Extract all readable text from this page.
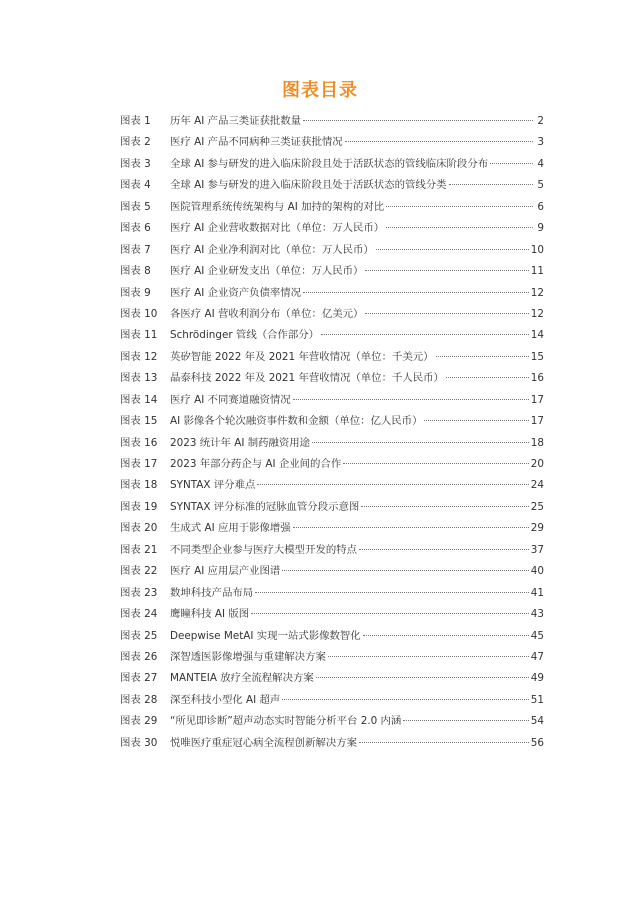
图表目录
图表 1	历年 AI 产品三类证获批数量	2
图表 2	医疗 AI 产品不同病种三类证获批情况	3
图表 3	全球 AI 参与研发的进入临床阶段且处于活跃状态的管线临床阶段分布	4
图表 4	全球 AI 参与研发的进入临床阶段且处于活跃状态的管线分类	5
图表 5	医院管理系统传统架构与 AI 加持的架构的对比	6
图表 6	医疗 AI 企业营收数据对比（单位：万人民币）	9
图表 7	医疗 AI 企业净利润对比（单位：万人民币）	10
图表 8	医疗 AI 企业研发支出（单位：万人民币）	11
图表 9	医疗 AI 企业资产负债率情况	12
图表 10	各医疗 AI 营收利润分布（单位：亿美元）	12
图表 11	Schrödinger 管线（合作部分）	14
图表 12	英矽智能 2022 年及 2021 年营收情况（单位：千美元）	15
图表 13	晶泰科技 2022 年及 2021 年营收情况（单位：千人民币）	16
图表 14	医疗 AI 不同赛道融资情况	17
图表 15	AI 影像各个轮次融资事件数和金额（单位：亿人民币）	17
图表 16	2023 统计年 AI 制药融资用途	18
图表 17	2023 年部分药企与 AI 企业间的合作	20
图表 18	SYNTAX 评分难点	24
图表 19	SYNTAX 评分标准的冠脉血管分段示意图	25
图表 20	生成式 AI 应用于影像增强	29
图表 21	不同类型企业参与医疗大模型开发的特点	37
图表 22	医疗 AI 应用层产业图谱	40
图表 23	数坤科技产品布局	41
图表 24	鹰瞳科技 AI 版图	43
图表 25	Deepwise MetAI 实现一站式影像数智化	45
图表 26	深智透医影像增强与重建解决方案	47
图表 27	MANTEIA 放疗全流程解决方案	49
图表 28	深至科技小型化 AI 超声	51
图表 29	“所见即诊断”超声动态实时智能分析平台 2.0 内涵	54
图表 30	悦唯医疗重症冠心病全流程创新解决方案	56
